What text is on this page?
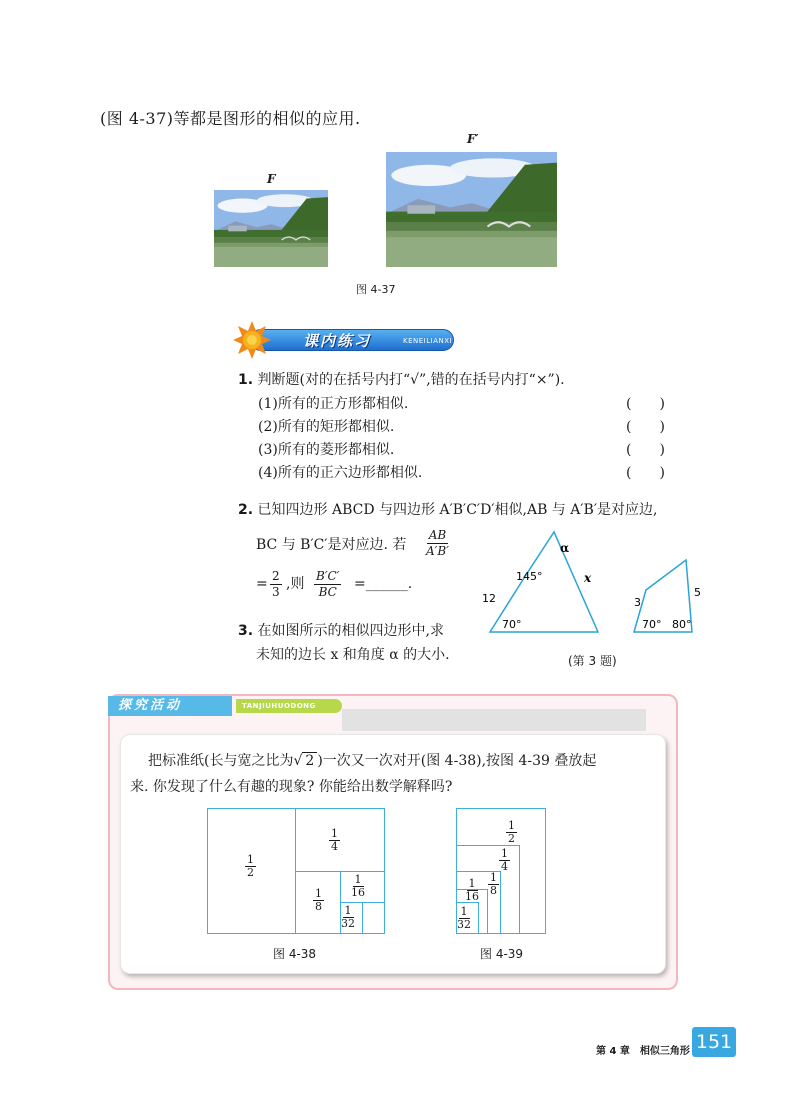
(图 4-37)等都是图形的相似的应用.
F
F′
图 4-37
课内练习	KENEILIANXI
1. 判断题(对的在括号内打“√”,错的在括号内打“×”).
(1)所有的正方形都相似.	(　　)
(2)所有的矩形都相似.	(　　)
(3)所有的菱形都相似.	(　　)
(4)所有的正六边形都相似.	(　　)
2. 已知四边形 ABCD 与四边形 A′B′C′D′相似,AB 与 A′B′是对应边,
BC 与 B′C′是对应边. 若 $\frac{AB}{A'B'}$
= $\frac{2}{3}$ ,则 $\frac{B'C'}{BC}$ =______.
3. 在如图所示的相似四边形中,求
未知的边长 x 和角度 α 的大小.
α
145°
70°
12
x
3
5
70° 80°
(第 3 题)
探究活动	TANJIUHUODONG
把标准纸(长与宽之比为√ 2 )一次又一次对开(图 4-38),按图 4-39 叠放起
来. 你发现了什么有趣的现象? 你能给出数学解释吗?
$\frac{1}{2}$
$\frac{1}{4}$
$\frac{1}{8}$
$\frac{1}{16}$
$\frac{1}{32}$
图 4-38
$\frac{1}{2}$
$\frac{1}{4}$
$\frac{1}{8}$
$\frac{1}{16}$
$\frac{1}{32}$
图 4-39
第 4 章　相似三角形 151
